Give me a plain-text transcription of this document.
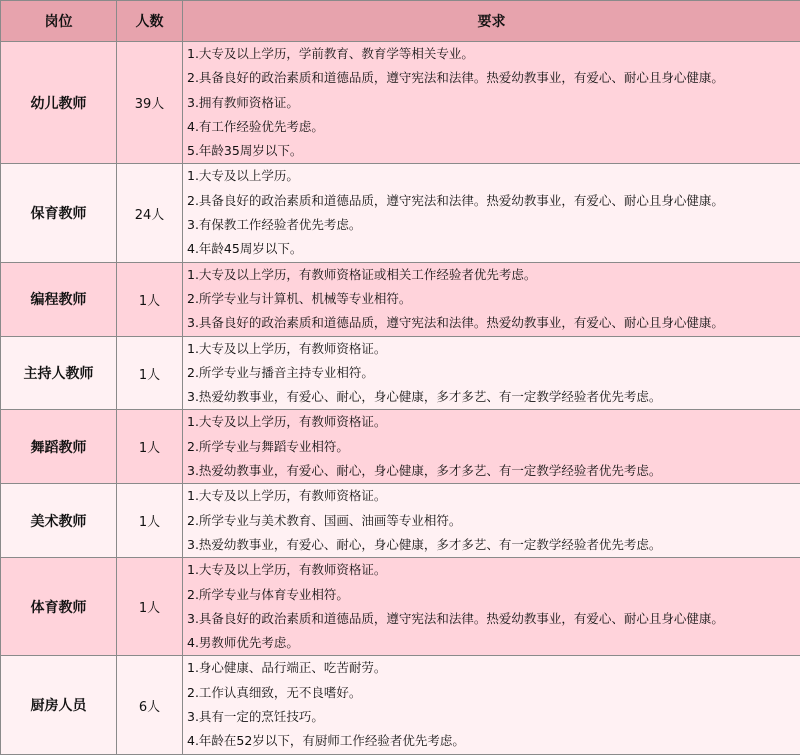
岗位	人数	要求
幼儿教师	39人	1.大专及以上学历，学前教育、教育学等相关专业。
2.具备良好的政治素质和道德品质，遵守宪法和法律。热爱幼教事业，有爱心、耐心且身心健康。
3.拥有教师资格证。
4.有工作经验优先考虑。
5.年龄35周岁以下。

保育教师	24人	1.大专及以上学历。
2.具备良好的政治素质和道德品质，遵守宪法和法律。热爱幼教事业，有爱心、耐心且身心健康。
3.有保教工作经验者优先考虑。
4.年龄45周岁以下。

编程教师	1人	1.大专及以上学历，有教师资格证或相关工作经验者优先考虑。
2.所学专业与计算机、机械等专业相符。
3.具备良好的政治素质和道德品质，遵守宪法和法律。热爱幼教事业，有爱心、耐心且身心健康。

主持人教师	1人	1.大专及以上学历，有教师资格证。
2.所学专业与播音主持专业相符。
3.热爱幼教事业，有爱心、耐心，身心健康，多才多艺、有一定教学经验者优先考虑。

舞蹈教师	1人	1.大专及以上学历，有教师资格证。
2.所学专业与舞蹈专业相符。
3.热爱幼教事业，有爱心、耐心，身心健康，多才多艺、有一定教学经验者优先考虑。

美术教师	1人	1.大专及以上学历，有教师资格证。
2.所学专业与美术教育、国画、油画等专业相符。
3.热爱幼教事业，有爱心、耐心，身心健康，多才多艺、有一定教学经验者优先考虑。

体育教师	1人	1.大专及以上学历，有教师资格证。
2.所学专业与体育专业相符。
3.具备良好的政治素质和道德品质，遵守宪法和法律。热爱幼教事业，有爱心、耐心且身心健康。
4.男教师优先考虑。

厨房人员	6人	1.身心健康、品行端正、吃苦耐劳。
2.工作认真细致，无不良嗜好。
3.具有一定的烹饪技巧。
4.年龄在52岁以下，有厨师工作经验者优先考虑。
